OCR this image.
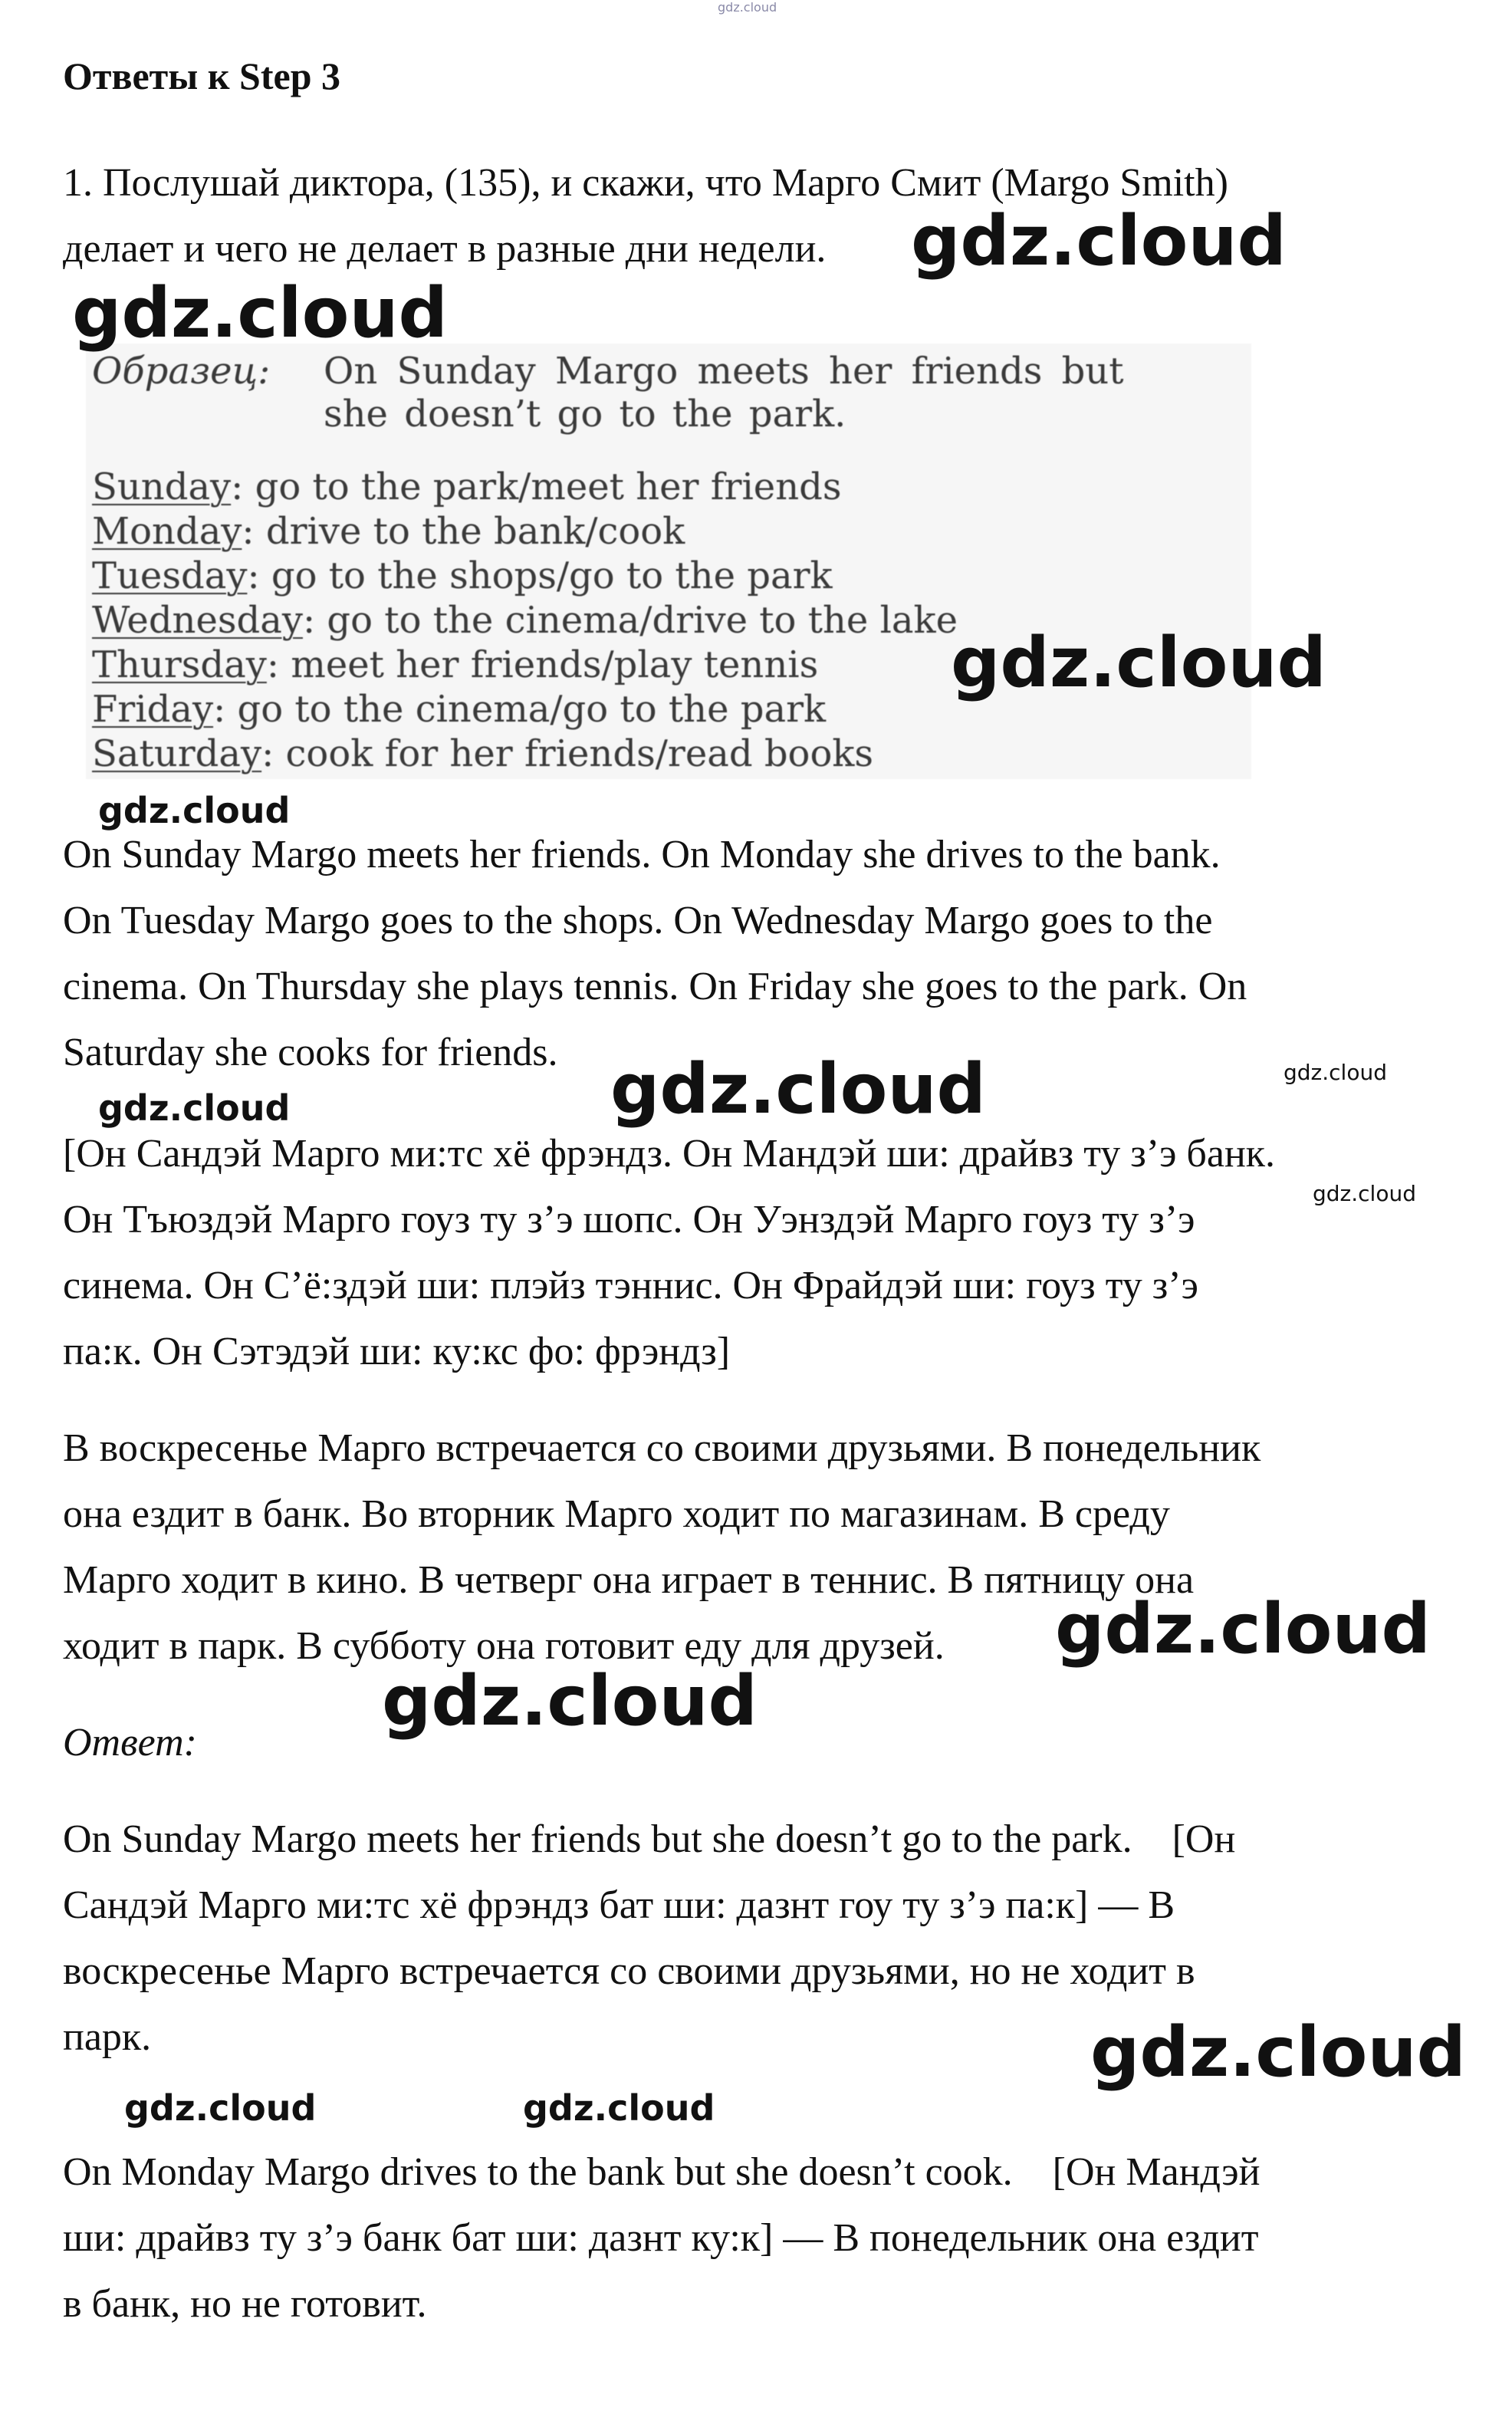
gdz.cloud
Ответы к Step 3

1. Послушай диктора, (135), и скажи, что Марго Смит (Margo Smith)

делает и чего не делает в разные дни недели.

Образец: On Sunday Margo meets her friends but
she doesn’t go to the park.
Sunday: go to the park/meet her friends
Monday: drive to the bank/cook
Tuesday: go to the shops/go to the park
Wednesday: go to the cinema/drive to the lake
Thursday: meet her friends/play tennis
Friday: go to the cinema/go to the park
Saturday: cook for her friends/read books

On Sunday Margo meets her friends. On Monday she drives to the bank.

On Tuesday Margo goes to the shops. On Wednesday Margo goes to the

cinema. On Thursday she plays tennis. On Friday she goes to the park. On

Saturday she cooks for friends.

[Он Сандэй Марго ми:тс хё фрэндз. Он Мандэй ши: драйвз ту з’э банк.

Он Тъюздэй Марго гоуз ту з’э шопс. Он Уэнздэй Марго гоуз ту з’э

синема. Он С’ё:здэй ши: плэйз тэннис. Он Фрайдэй ши: гоуз ту з’э

па:к. Он Сэтэдэй ши: ку:кс фо: фрэндз]

В воскресенье Марго встречается со своими друзьями. В понедельник

она ездит в банк. Во вторник Марго ходит по магазинам. В среду

Марго ходит в кино. В четверг она играет в теннис. В пятницу она

ходит в парк. В субботу она готовит еду для друзей.

Ответ:

On Sunday Margo meets her friends but she doesn’t go to the park.    [Он

Сандэй Марго ми:тс хё фрэндз бат ши: дазнт гоу ту з’э па:к] — В

воскресенье Марго встречается со своими друзьями, но не ходит в

парк.

On Monday Margo drives to the bank but she doesn’t cook.    [Он Мандэй

ши: драйвз ту з’э банк бат ши: дазнт ку:к] — В понедельник она ездит

в банк, но не готовит.

gdz.cloud
gdz.cloud
gdz.cloud
gdz.cloud
gdz.cloud	gdz.cloud
gdz.cloud
gdz.cloud
gdz.cloud
gdz.cloud
gdz.cloud
gdz.cloud	gdz.cloud
